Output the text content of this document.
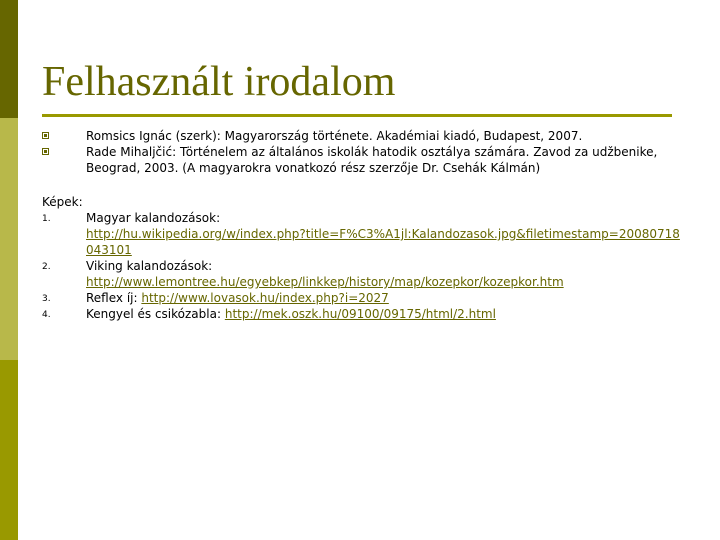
Felhasznált irodalom
Romsics Ignác (szerk): Magyarország története. Akadémiai kiadó, Budapest, 2007.
Rade Mihaljčić: Történelem az általános iskolák hatodik osztálya számára. Zavod za udžbenike, Beograd, 2003. (A magyarokra vonatkozó rész szerzője Dr. Csehák Kálmán)
Képek:
1.	Magyar kalandozások:
http://hu.wikipedia.org/w/index.php?title=F%C3%A1jl:Kalandozasok.jpg&filetimestamp=20080718043101
2.	Viking kalandozások:
http://www.lemontree.hu/egyebkep/linkkep/history/map/kozepkor/kozepkor.htm
3.	Reflex íj: http://www.lovasok.hu/index.php?i=2027
4.	Kengyel és csikózabla: http://mek.oszk.hu/09100/09175/html/2.html
